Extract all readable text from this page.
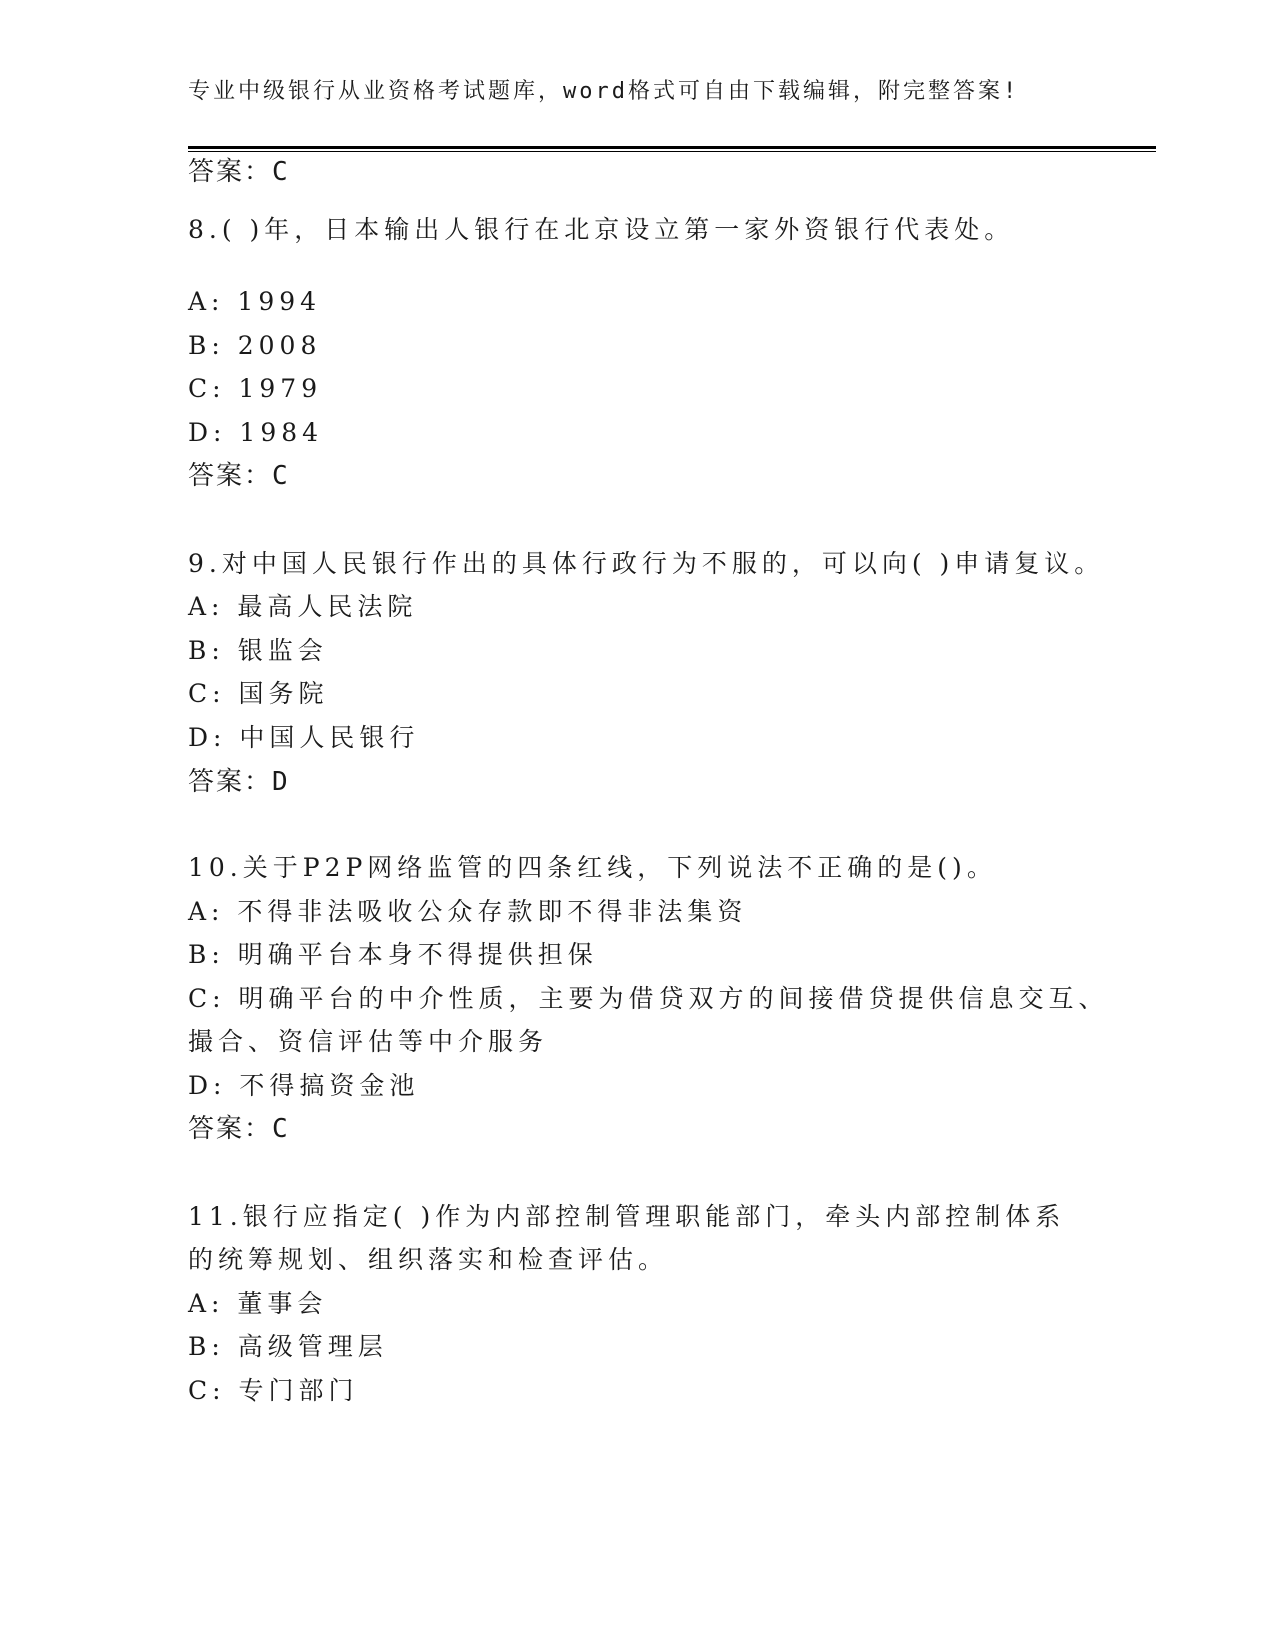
专业中级银行从业资格考试题库，word格式可自由下载编辑，附完整答案!
答案：C
8.( )年，日本输出人银行在北京设立第一家外资银行代表处。
A: 1994
B: 2008
C: 1979
D: 1984
答案：C
9.对中国人民银行作出的具体行政行为不服的，可以向( )申请复议。
A: 最高人民法院
B: 银监会
C: 国务院
D: 中国人民银行
答案：D
10.关于P2P网络监管的四条红线，下列说法不正确的是()。
A: 不得非法吸收公众存款即不得非法集资
B: 明确平台本身不得提供担保
C: 明确平台的中介性质，主要为借贷双方的间接借贷提供信息交互、
撮合、资信评估等中介服务
D: 不得搞资金池
答案：C
11.银行应指定( )作为内部控制管理职能部门，牵头内部控制体系
的统筹规划、组织落实和检查评估。
A: 董事会
B: 高级管理层
C: 专门部门
